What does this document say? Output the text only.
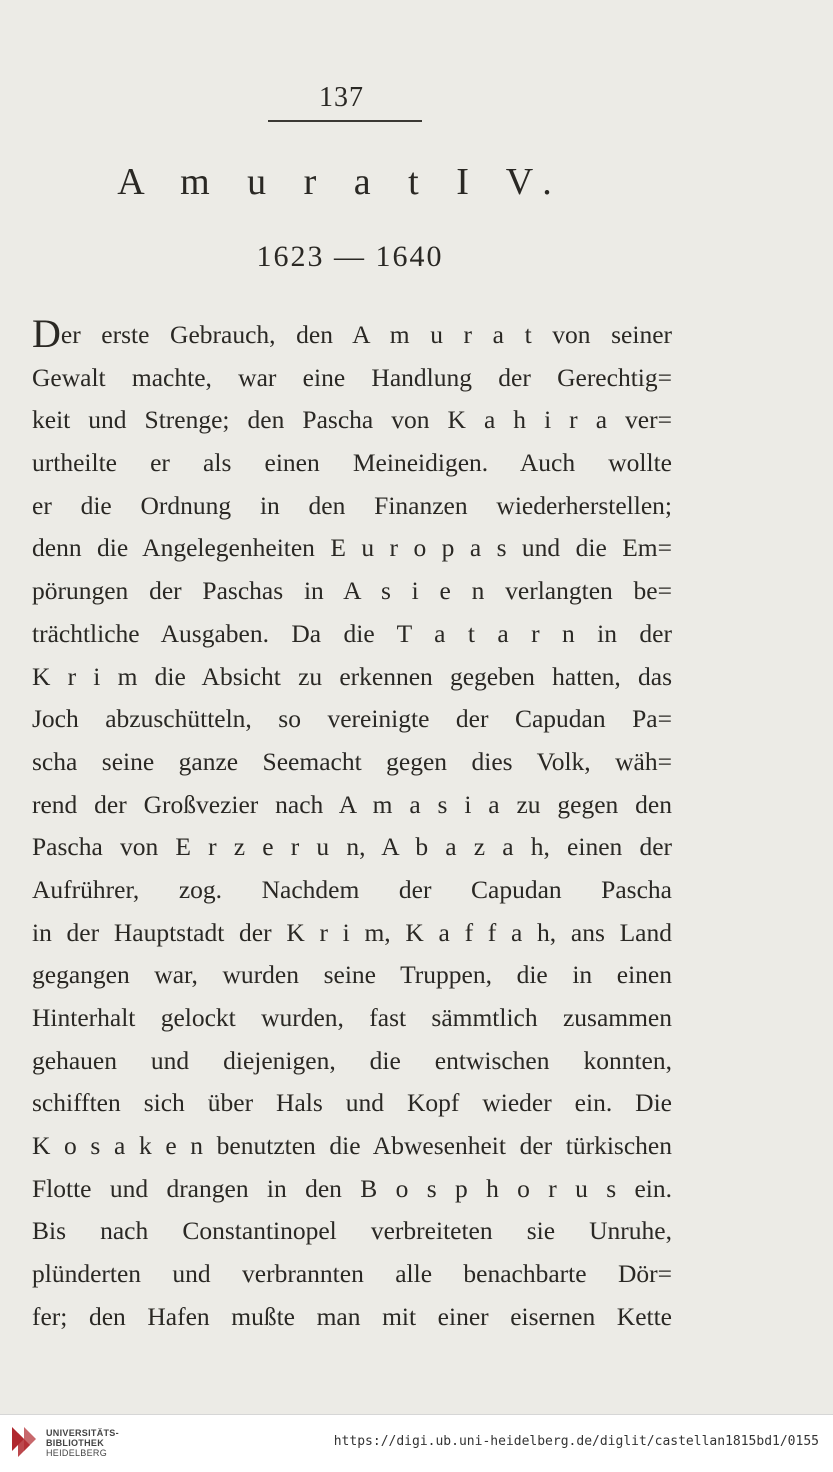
137
A m u r a t I V.
1623 — 1640
Der erste Gebrauch, den A m u r a t von seiner
Gewalt machte, war eine Handlung der Gerechtig=
keit und Strenge; den Pascha von K a h i r a ver=
urtheilte er als einen Meineidigen. Auch wollte
er die Ordnung in den Finanzen wiederherstellen;
denn die Angelegenheiten E u r o p a s und die Em=
pörungen der Paschas in A s i e n verlangten be=
trächtliche Ausgaben. Da die T a t a r n in der
K r i m die Absicht zu erkennen gegeben hatten, das
Joch abzuschütteln, so vereinigte der Capudan Pa=
scha seine ganze Seemacht gegen dies Volk, wäh=
rend der Großvezier nach A m a s i a zu gegen den
Pascha von E r z e r u n, A b a z a h, einen der
Aufrührer, zog. Nachdem der Capudan Pascha
in der Hauptstadt der K r i m, K a f f a h, ans Land
gegangen war, wurden seine Truppen, die in einen
Hinterhalt gelockt wurden, fast sämmtlich zusammen
gehauen und diejenigen, die entwischen konnten,
schifften sich über Hals und Kopf wieder ein. Die
K o s a k e n benutzten die Abwesenheit der türkischen
Flotte und drangen in den B o s p h o r u s ein.
Bis nach Constantinopel verbreiteten sie Unruhe,
plünderten und verbrannten alle benachbarte Dör=
fer; den Hafen mußte man mit einer eisernen Kette
UNIVERSITÄTS-
BIBLIOTHEK
HEIDELBERG
https://digi.ub.uni-heidelberg.de/diglit/castellan1815bd1/0155
